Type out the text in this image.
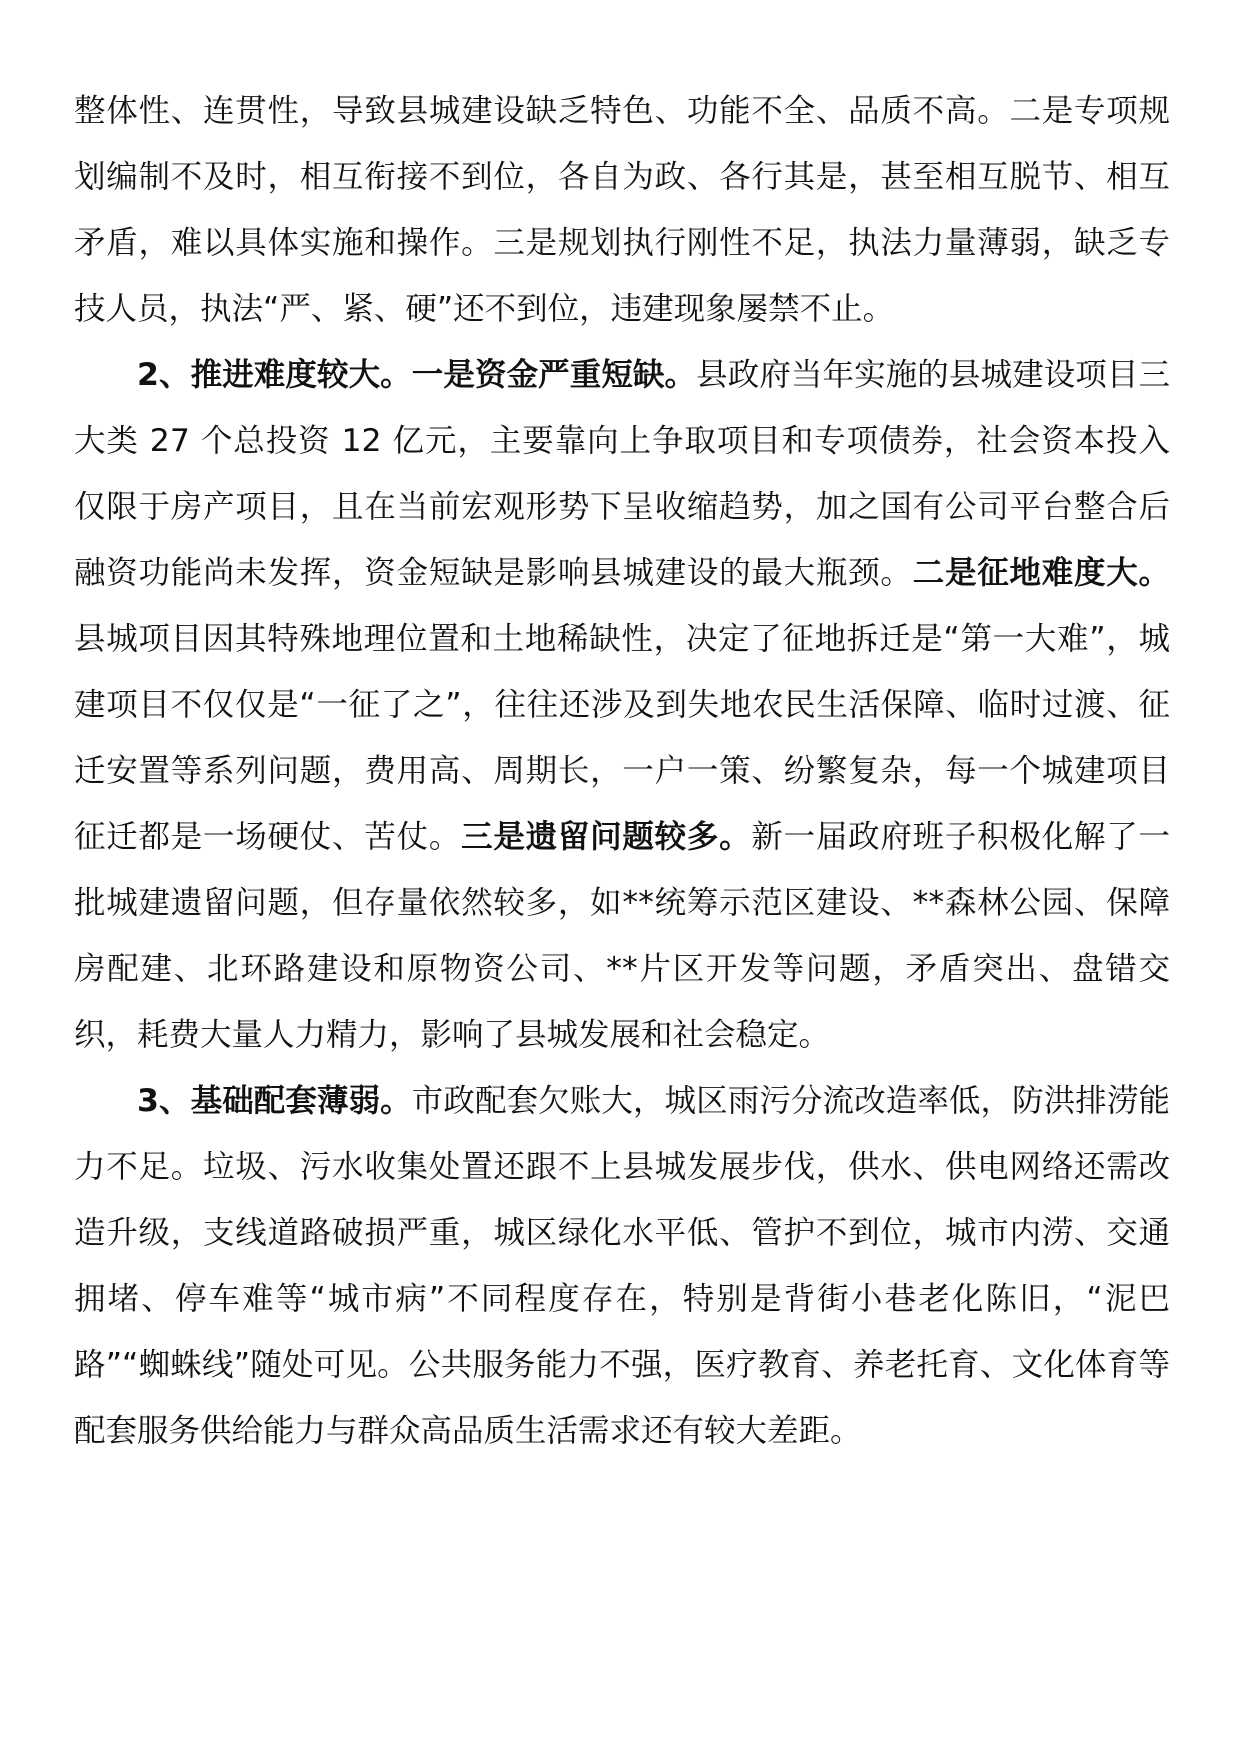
整体性、连贯性，导致县城建设缺乏特色、功能不全、品质不高。二是专项规划编制不及时，相互衔接不到位，各自为政、各行其是，甚至相互脱节、相互矛盾，难以具体实施和操作。三是规划执行刚性不足，执法力量薄弱，缺乏专技人员，执法“严、紧、硬”还不到位，违建现象屡禁不止。

2、推进难度较大。一是资金严重短缺。县政府当年实施的县城建设项目三大类 27 个总投资 12 亿元，主要靠向上争取项目和专项债券，社会资本投入仅限于房产项目，且在当前宏观形势下呈收缩趋势，加之国有公司平台整合后融资功能尚未发挥，资金短缺是影响县城建设的最大瓶颈。二是征地难度大。县城项目因其特殊地理位置和土地稀缺性，决定了征地拆迁是“第一大难”，城建项目不仅仅是“一征了之”，往往还涉及到失地农民生活保障、临时过渡、征迁安置等系列问题，费用高、周期长，一户一策、纷繁复杂，每一个城建项目征迁都是一场硬仗、苦仗。三是遗留问题较多。新一届政府班子积极化解了一批城建遗留问题，但存量依然较多，如**统筹示范区建设、**森林公园、保障房配建、北环路建设和原物资公司、**片区开发等问题，矛盾突出、盘错交织，耗费大量人力精力，影响了县城发展和社会稳定。

3、基础配套薄弱。市政配套欠账大，城区雨污分流改造率低，防洪排涝能力不足。垃圾、污水收集处置还跟不上县城发展步伐，供水、供电网络还需改造升级，支线道路破损严重，城区绿化水平低、管护不到位，城市内涝、交通拥堵、停车难等“城市病”不同程度存在，特别是背街小巷老化陈旧，“泥巴路”“蜘蛛线”随处可见。公共服务能力不强，医疗教育、养老托育、文化体育等配套服务供给能力与群众高品质生活需求还有较大差距。
